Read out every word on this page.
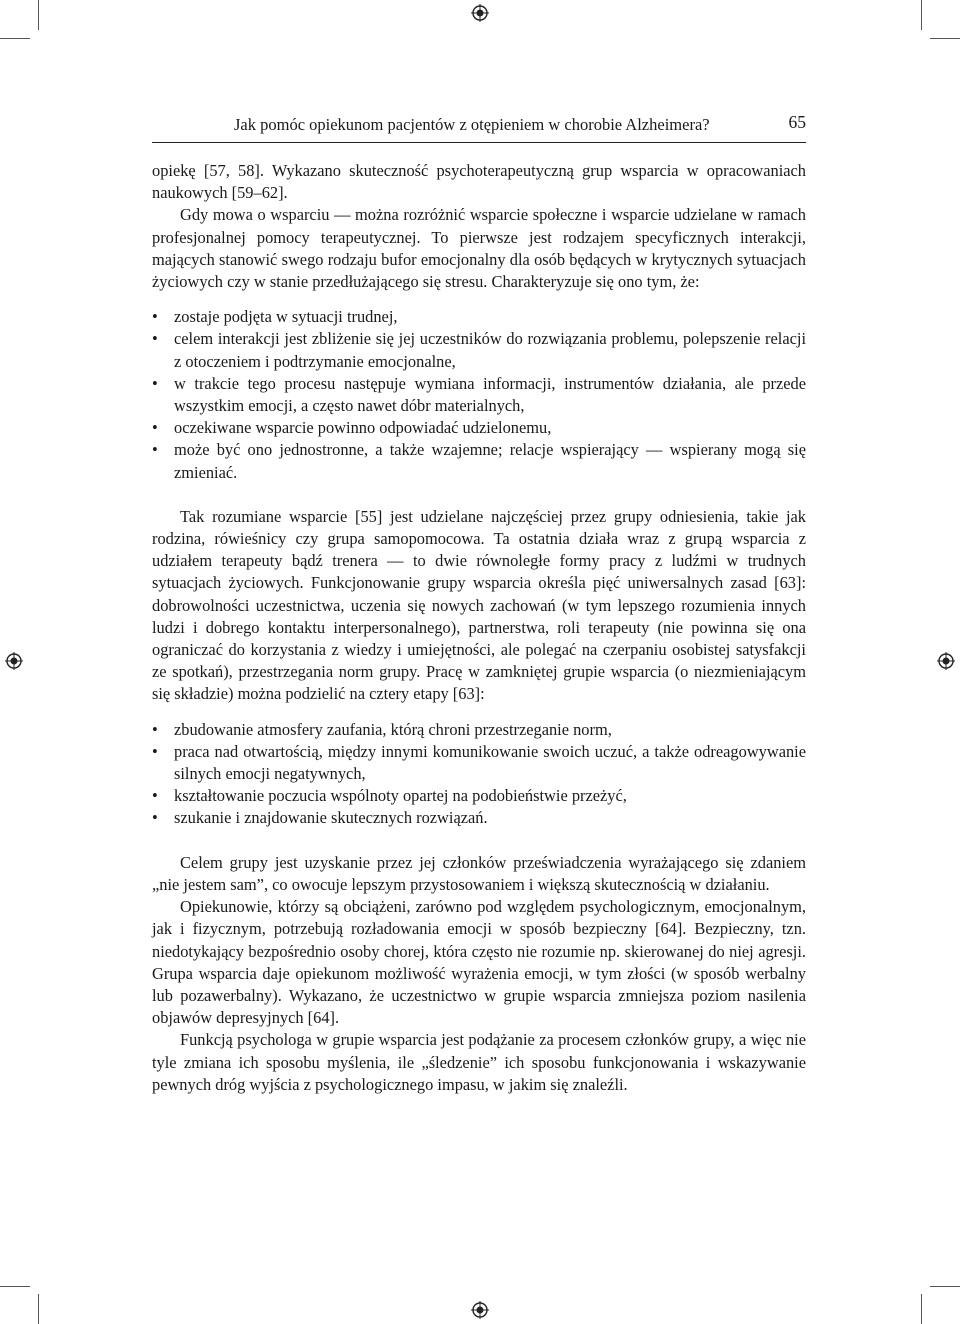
Jak pomóc opiekunom pacjentów z otępieniem w chorobie Alzheimera?	65

opiekę [57, 58]. Wykazano skuteczność psychoterapeutyczną grup wsparcia w opracowaniach naukowych [59–62].

Gdy mowa o wsparciu — można rozróżnić wsparcie społeczne i wsparcie udzielane w ramach profesjonalnej pomocy terapeutycznej. To pierwsze jest rodzajem specyficznych interakcji, mających stanowić swego rodzaju bufor emocjonalny dla osób będących w krytycznych sytuacjach życiowych czy w stanie przedłużającego się stresu. Charakteryzuje się ono tym, że:

• zostaje podjęta w sytuacji trudnej,
• celem interakcji jest zbliżenie się jej uczestników do rozwiązania problemu, polepszenie relacji z otoczeniem i podtrzymanie emocjonalne,
• w trakcie tego procesu następuje wymiana informacji, instrumentów działania, ale przede wszystkim emocji, a często nawet dóbr materialnych,
• oczekiwane wsparcie powinno odpowiadać udzielonemu,
• może być ono jednostronne, a także wzajemne; relacje wspierający — wspierany mogą się zmieniać.

Tak rozumiane wsparcie [55] jest udzielane najczęściej przez grupy odniesienia, takie jak rodzina, rówieśnicy czy grupa samopomocowa. Ta ostatnia działa wraz z grupą wsparcia z udziałem terapeuty bądź trenera — to dwie równoległe formy pracy z ludźmi w trudnych sytuacjach życiowych. Funkcjonowanie grupy wsparcia określa pięć uniwersalnych zasad [63]: dobrowolności uczestnictwa, uczenia się nowych zachowań (w tym lepszego rozumienia innych ludzi i dobrego kontaktu interpersonalnego), partnerstwa, roli terapeuty (nie powinna się ona ograniczać do korzystania z wiedzy i umiejętności, ale polegać na czerpaniu osobistej satysfakcji ze spotkań), przestrzegania norm grupy. Pracę w zamkniętej grupie wsparcia (o niezmieniającym się składzie) można podzielić na cztery etapy [63]:

• zbudowanie atmosfery zaufania, którą chroni przestrzeganie norm,
• praca nad otwartością, między innymi komunikowanie swoich uczuć, a także odreagowywanie silnych emocji negatywnych,
• kształtowanie poczucia wspólnoty opartej na podobieństwie przeżyć,
• szukanie i znajdowanie skutecznych rozwiązań.

Celem grupy jest uzyskanie przez jej członków przeświadczenia wyrażającego się zdaniem „nie jestem sam”, co owocuje lepszym przystosowaniem i większą skutecznością w działaniu.

Opiekunowie, którzy są obciążeni, zarówno pod względem psychologicznym, emocjonalnym, jak i fizycznym, potrzebują rozładowania emocji w sposób bezpieczny [64]. Bezpieczny, tzn. niedotykający bezpośrednio osoby chorej, która często nie rozumie np. skierowanej do niej agresji. Grupa wsparcia daje opiekunom możliwość wyrażenia emocji, w tym złości (w sposób werbalny lub pozawerbalny). Wykazano, że uczestnictwo w grupie wsparcia zmniejsza poziom nasilenia objawów depresyjnych [64].

Funkcją psychologa w grupie wsparcia jest podążanie za procesem członków grupy, a więc nie tyle zmiana ich sposobu myślenia, ile „śledzenie” ich sposobu funkcjonowania i wskazywanie pewnych dróg wyjścia z psychologicznego impasu, w jakim się znaleźli.
